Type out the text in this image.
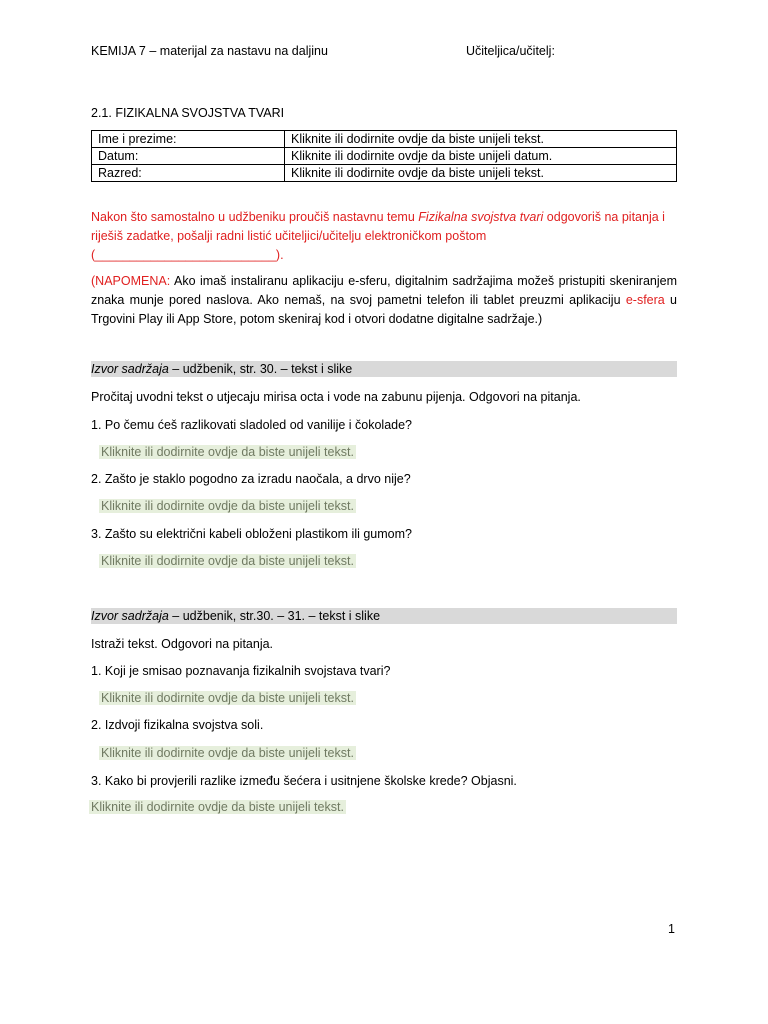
KEMIJA 7 – materijal za nastavu na daljinu	Učiteljica/učitelj:
2.1. FIZIKALNA SVOJSTVA TVARI
Ime i prezime:	Kliknite ili dodirnite ovdje da biste unijeli tekst.
Datum:	Kliknite ili dodirnite ovdje da biste unijeli datum.
Razred:	Kliknite ili dodirnite ovdje da biste unijeli tekst.
Nakon što samostalno u udžbeniku proučiš nastavnu temu Fizikalna svojstva tvari odgovoriš na pitanja i riješiš zadatke, pošalji radni listić učiteljici/učitelju elektroničkom poštom (__________________________).
(NAPOMENA: Ako imaš instaliranu aplikaciju e-sferu, digitalnim sadržajima možeš pristupiti skeniranjem znaka munje pored naslova. Ako nemaš, na svoj pametni telefon ili tablet preuzmi aplikaciju e-sfera u Trgovini Play ili App Store, potom skeniraj kod i otvori dodatne digitalne sadržaje.)
Izvor sadržaja – udžbenik, str. 30. – tekst i slike
Pročitaj uvodni tekst o utjecaju mirisa octa i vode na zabunu pijenja. Odgovori na pitanja.
1. Po čemu ćeš razlikovati sladoled od vanilije i čokolade?
Kliknite ili dodirnite ovdje da biste unijeli tekst.
2. Zašto je staklo pogodno za izradu naočala, a drvo nije?
Kliknite ili dodirnite ovdje da biste unijeli tekst.
3. Zašto su električni kabeli obloženi plastikom ili gumom?
Kliknite ili dodirnite ovdje da biste unijeli tekst.
Izvor sadržaja – udžbenik, str.30. – 31. – tekst i slike
Istraži tekst. Odgovori na pitanja.
1. Koji je smisao poznavanja fizikalnih svojstava tvari?
Kliknite ili dodirnite ovdje da biste unijeli tekst.
2. Izdvoji fizikalna svojstva soli.
Kliknite ili dodirnite ovdje da biste unijeli tekst.
3. Kako bi provjerili razlike između šećera i usitnjene školske krede? Objasni.
Kliknite ili dodirnite ovdje da biste unijeli tekst.
1
